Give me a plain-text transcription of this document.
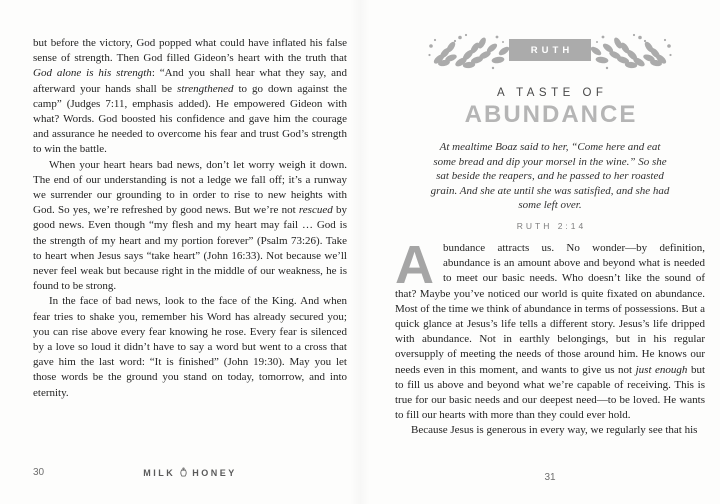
but before the victory, God popped what could have inflated his false sense of strength. Then God filled Gideon’s heart with the truth that God alone is his strength: “And you shall hear what they say, and afterward your hands shall be strengthened to go down against the camp” (Judges 7:11, emphasis added). He empowered Gideon with what? Words. God boosted his confidence and gave him the courage and assurance he needed to overcome his fear and trust God’s strength to win the battle.

When your heart hears bad news, don’t let worry weigh it down. The end of our understanding is not a ledge we fall off; it’s a runway we surrender our grounding to in order to rise to new heights with God. So yes, we’re refreshed by good news. But we’re not rescued by good news. Even though “my flesh and my heart may fail … God is the strength of my heart and my portion forever” (Psalm 73:26). Take to heart when Jesus says “take heart” (John 16:33). Not because we’ll never feel weak but because right in the middle of our weakness, he is found to be strong.

In the face of bad news, look to the face of the King. And when fear tries to shake you, remember his Word has already secured you; you can rise above every fear knowing he rose. Every fear is silenced by a love so loud it didn’t have to say a word but went to a cross that gave him the last word: “It is finished” (John 19:30). May you let those words be the ground you stand on today, tomorrow, and into eternity.

30	MILK HONEY
RUTH
A TASTE OF
ABUNDANCE

At mealtime Boaz said to her, “Come here and eat some bread and dip your morsel in the wine.” So she sat beside the reapers, and he passed to her roasted grain. And she ate until she was satisfied, and she had some left over.

RUTH 2:14

Abundance attracts us. No wonder—by definition, abundance is an amount above and beyond what is needed to meet our basic needs. Who doesn’t like the sound of that? Maybe you’ve noticed our world is quite fixated on abundance. Most of the time we think of abundance in terms of possessions. But a quick glance at Jesus’s life tells a different story. Jesus’s life dripped with abundance. Not in earthly belongings, but in his regular oversupply of meeting the needs of those around him. He knows our needs even in this moment, and wants to give us not just enough but to fill us above and beyond what we’re capable of receiving. This is true for our basic needs and our deepest need—to be loved. He wants to fill our hearts with more than they could ever hold.

Because Jesus is generous in every way, we regularly see that his

31
